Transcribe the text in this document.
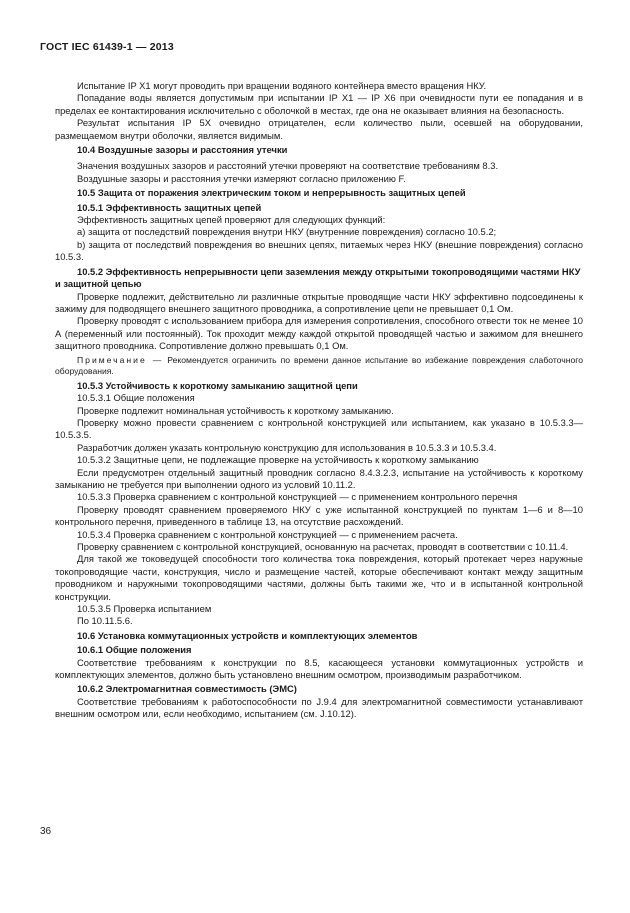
ГОСТ IEC 61439-1 — 2013

Испытание IP X1 могут проводить при вращении водяного контейнера вместо вращения НКУ.

Попадание воды является допустимым при испытании IP X1 — IP X6 при очевидности пути ее попадания и в пределах ее контактирования исключительно с оболочкой в местах, где она не оказывает влияния на безопасность.

Результат испытания IP 5X очевидно отрицателен, если количество пыли, осевшей на оборудовании, размещаемом внутри оболочки, является видимым.

10.4 Воздушные зазоры и расстояния утечки

Значения воздушных зазоров и расстояний утечки проверяют на соответствие требованиям 8.3.

Воздушные зазоры и расстояния утечки измеряют согласно приложению F.

10.5 Защита от поражения электрическим током и непрерывность защитных цепей

10.5.1 Эффективность защитных цепей

Эффективность защитных цепей проверяют для следующих функций:

а) защита от последствий повреждения внутри НКУ (внутренние повреждения) согласно 10.5.2;

b) защита от последствий повреждения во внешних цепях, питаемых через НКУ (внешние повреждения) согласно 10.5.3.

10.5.2 Эффективность непрерывности цепи заземления между открытыми токопроводящими частями НКУ и защитной цепью

Проверке подлежит, действительно ли различные открытые проводящие части НКУ эффективно подсоединены к зажиму для подводящего внешнего защитного проводника, а сопротивление цепи не превышает 0,1 Ом.

Проверку проводят с использованием прибора для измерения сопротивления, способного отвести ток не менее 10 А (переменный или постоянный). Ток проходит между каждой открытой проводящей частью и зажимом для внешнего защитного проводника. Сопротивление должно превышать 0,1 Ом.

Примечание — Рекомендуется ограничить по времени данное испытание во избежание повреждения слаботочного оборудования.

10.5.3 Устойчивость к короткому замыканию защитной цепи

10.5.3.1 Общие положения

Проверке подлежит номинальная устойчивость к короткому замыканию.

Проверку можно провести сравнением с контрольной конструкцией или испытанием, как указано в 10.5.3.3—10.5.3.5.

Разработчик должен указать контрольную конструкцию для использования в 10.5.3.3 и 10.5.3.4.

10.5.3.2 Защитные цепи, не подлежащие проверке на устойчивость к короткому замыканию

Если предусмотрен отдельный защитный проводник согласно 8.4.3.2.3, испытание на устойчивость к короткому замыканию не требуется при выполнении одного из условий 10.11.2.

10.5.3.3 Проверка сравнением с контрольной конструкцией — с применением контрольного перечня

Проверку проводят сравнением проверяемого НКУ с уже испытанной конструкцией по пунктам 1—6 и 8—10 контрольного перечня, приведенного в таблице 13, на отсутствие расхождений.

10.5.3.4 Проверка сравнением с контрольной конструкцией — с применением расчета.

Проверку сравнением с контрольной конструкцией, основанную на расчетах, проводят в соответствии с 10.11.4.

Для такой же токоведущей способности того количества тока повреждения, который протекает через наружные токопроводящие части, конструкция, число и размещение частей, которые обеспечивают контакт между защитным проводником и наружными токопроводящими частями, должны быть такими же, что и в испытанной контрольной конструкции.

10.5.3.5 Проверка испытанием

По 10.11.5.6.

10.6 Установка коммутационных устройств и комплектующих элементов

10.6.1 Общие положения

Соответствие требованиям к конструкции по 8.5, касающееся установки коммутационных устройств и комплектующих элементов, должно быть установлено внешним осмотром, производимым разработчиком.

10.6.2 Электромагнитная совместимость (ЭМС)

Соответствие требованиям к работоспособности по J.9.4 для электромагнитной совместимости устанавливают внешним осмотром или, если необходимо, испытанием (см. J.10.12).

36
